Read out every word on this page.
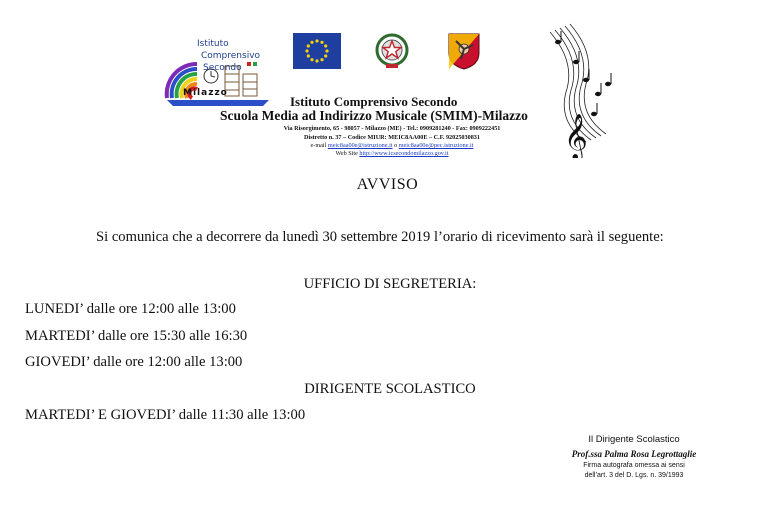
Istituto
Comprensivo
Secondo
Milazzo
𝄞
Istituto Comprensivo Secondo
Scuola Media ad Indirizzo Musicale (SMIM)-Milazzo
Via Risorgimento, 65 - 98057 - Milazzo (ME) - Tel.: 0909281240 - Fax: 0909222451
Distretto n. 37 – Codice MIUR: MEIC8AA00E – C.F. 92025030831
e-mail meic8aa00e@istruzione.it o meic8aa00e@pec.istruzione.it
Web Site http://www.icsecondomilazzo.gov.it
AVVISO
Si comunica che a decorrere da lunedì 30 settembre 2019 l’orario di ricevimento sarà il seguente:
UFFICIO DI SEGRETERIA:
LUNEDI’ dalle ore 12:00 alle 13:00
MARTEDI’ dalle ore 15:30 alle 16:30
GIOVEDI’ dalle ore 12:00 alle 13:00
DIRIGENTE SCOLASTICO
MARTEDI’ E GIOVEDI’ dalle 11:30 alle 13:00
Il Dirigente Scolastico
Prof.ssa Palma Rosa Legrottaglie
Firma autografa omessa ai sensi
dell’art. 3 del D. Lgs. n. 39/1993
